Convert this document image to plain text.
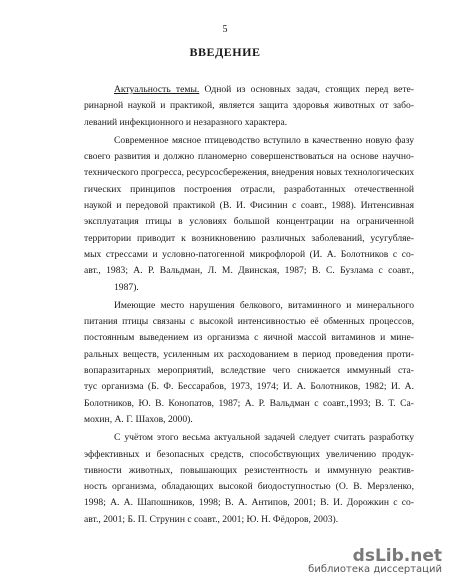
5
ВВЕДЕНИЕ
Актуальность темы. Одной из основных задач, стоящих перед вете-
ринарной наукой и практикой, является защита здоровья животных от забо-
леваний инфекционного и незаразного характера.
Современное мясное птицеводство вступило в качественно новую фазу
своего развития и должно планомерно совершенствоваться на основе научно-
технического прогресса, ресурсосбережения, внедрения новых технологических
гических принципов построения отрасли, разработанных отечественной
наукой и передовой практикой (В. И. Фисинин с соавт., 1988). Интенсивная
эксплуатация птицы в условиях большой концентрации на ограниченной
территории приводит к возникновению различных заболеваний, усугубляе-
мых стрессами и условно-патогенной микрофлорой (И. А. Болотников с со-
авт., 1983; А. Р. Вальдман, Л. М. Двинская, 1987; В. С. Бузлама с соавт.,
1987).
Имеющие место нарушения белкового, витаминного и минерального
питания птицы связаны с высокой интенсивностью её обменных процессов,
постоянным выведением из организма с яичной массой витаминов и мине-
ральных веществ, усиленным их расходованием в период проведения проти-
вопаразитарных мероприятий, вследствие чего снижается иммунный ста-
тус организма (Б. Ф. Бессарабов, 1973, 1974; И. А. Болотников, 1982; И. А.
Болотников, Ю. В. Конопатов, 1987; А. Р. Вальдман с соавт.,1993; В. Т. Са-
мохин, А. Г. Шахов, 2000).
С учётом этого весьма актуальной задачей следует считать разработку
эффективных и безопасных средств, способствующих увеличению продук-
тивности животных, повышающих резистентность и иммунную реактив-
ность организма, обладающих высокой биодоступностью (О. В. Мерзленко,
1998; А. А. Шапошников, 1998; В. А. Антипов, 2001; В. И. Дорожкин с со-
авт., 2001; Б. П. Струнин с соавт., 2001; Ю. Н. Фёдоров, 2003).
dsLib.net
библиотека диссертаций
